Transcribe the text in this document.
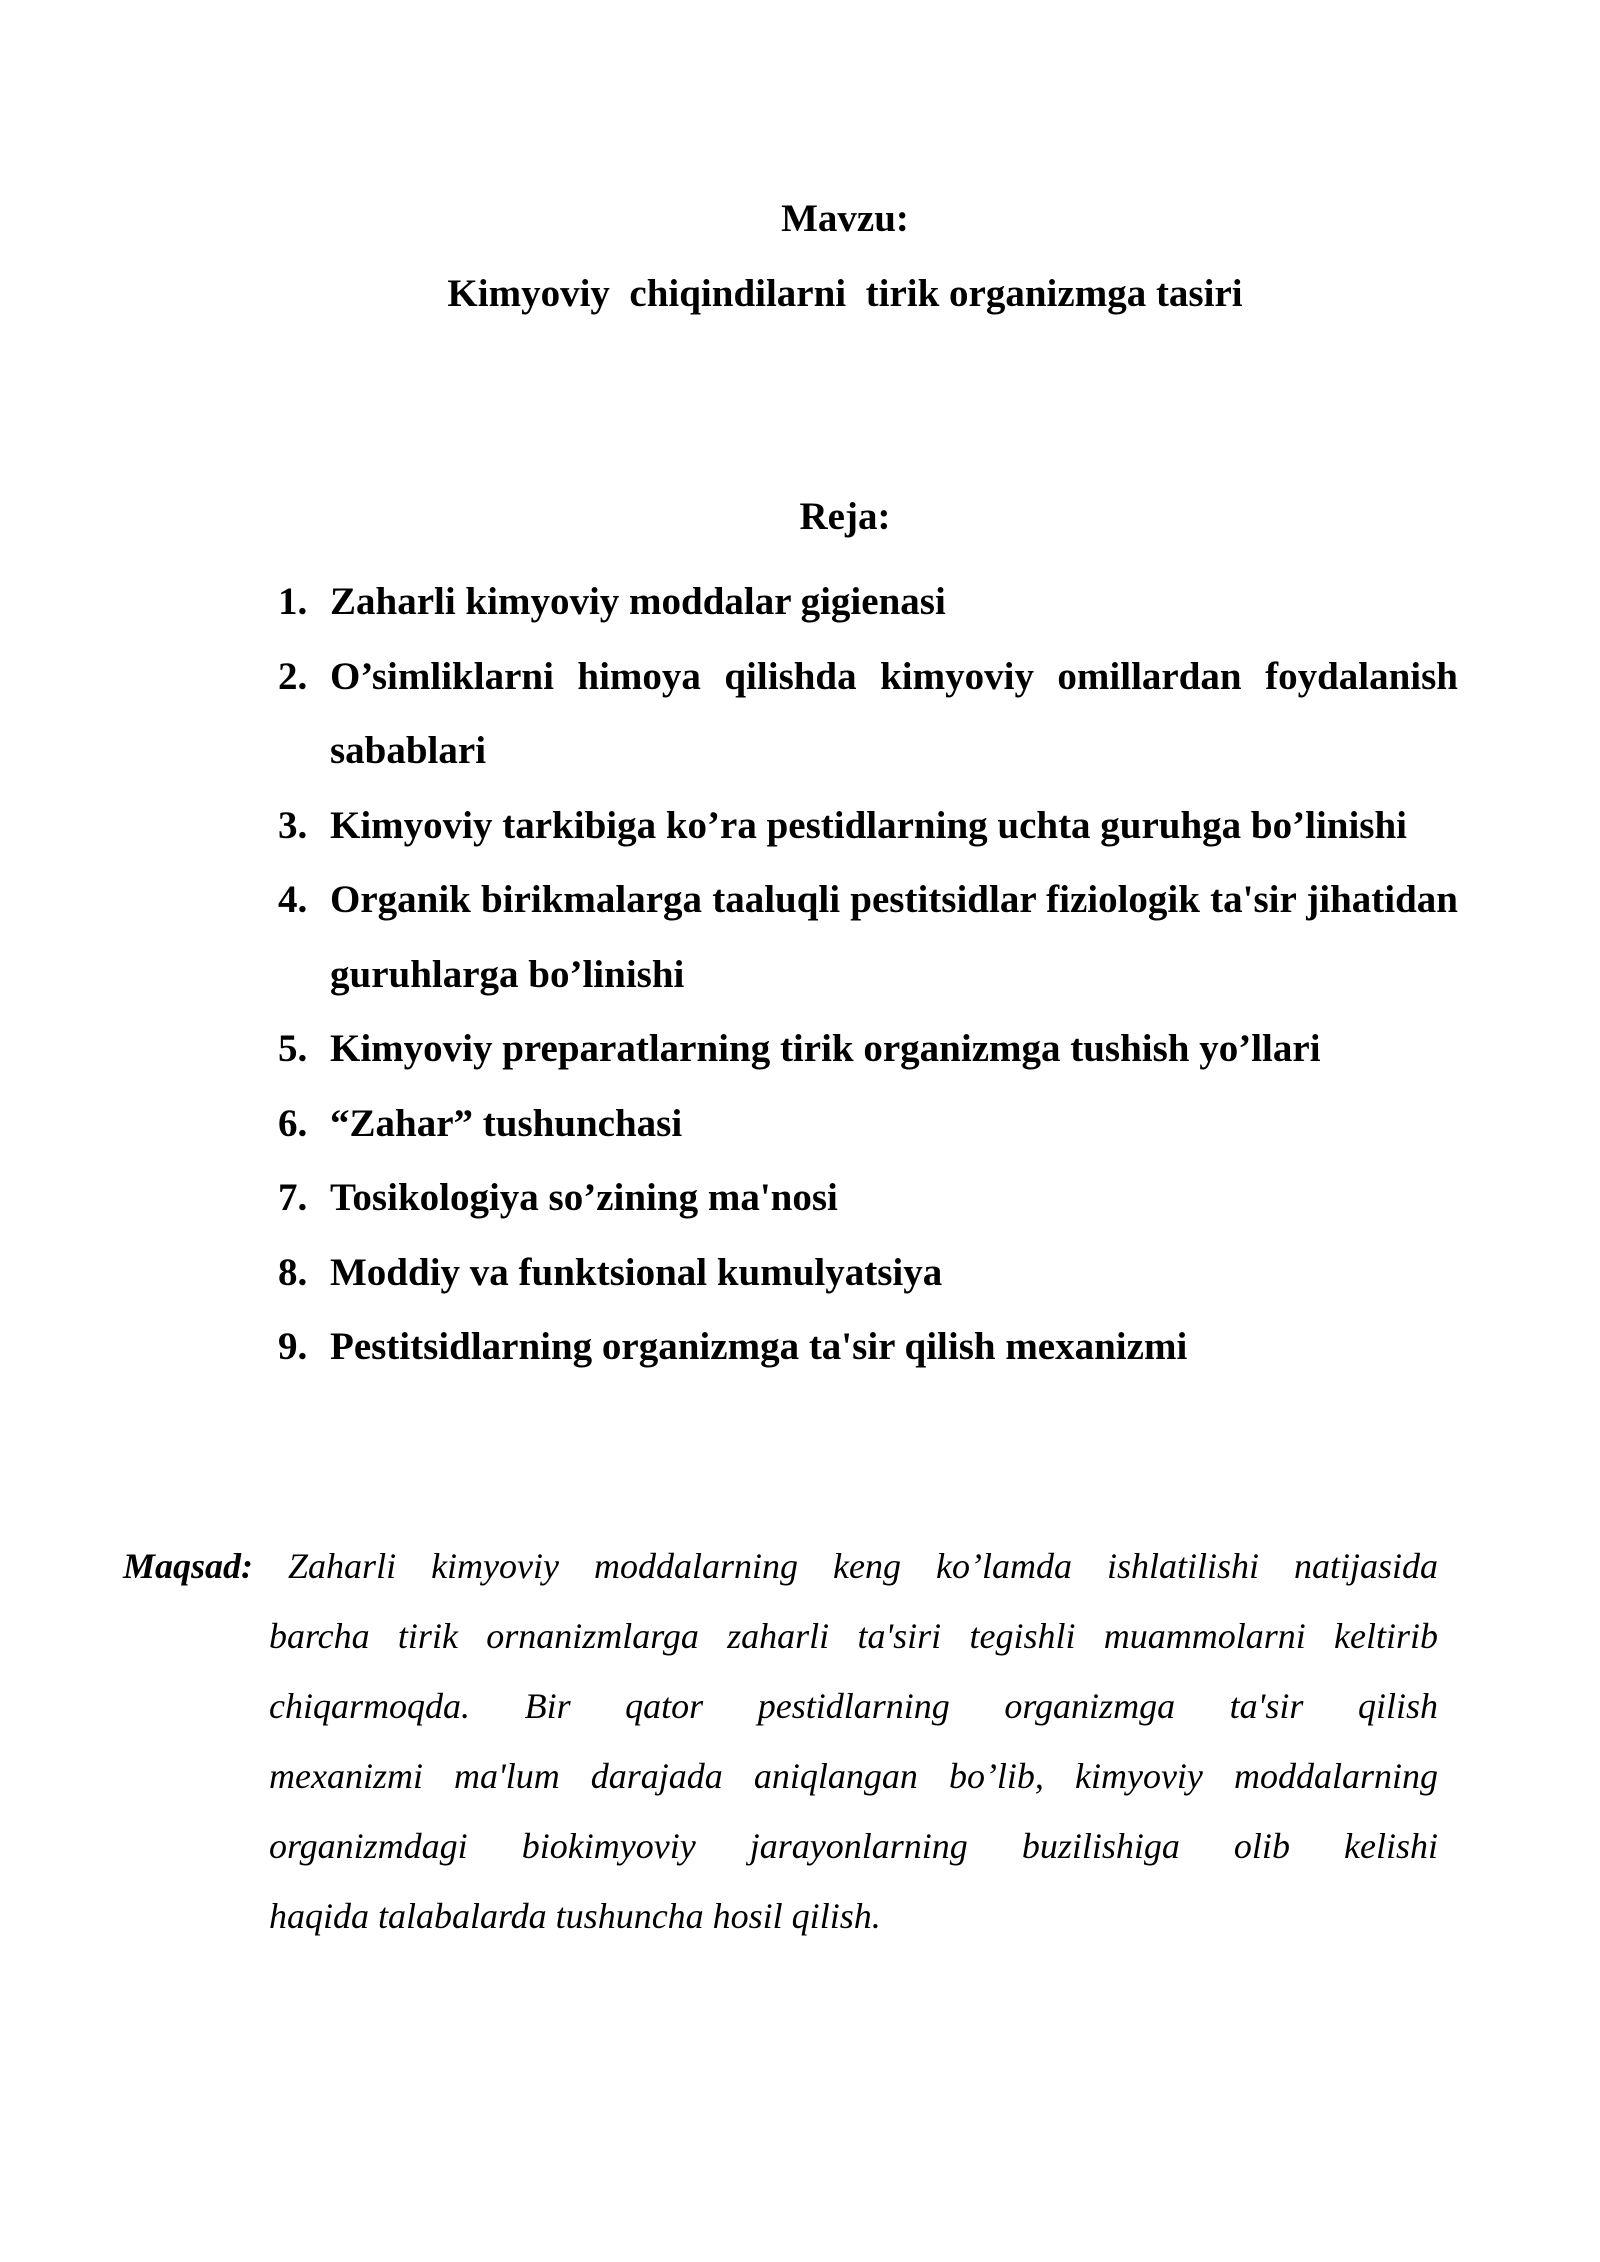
Mavzu:
Kimyoviy  chiqindilarni  tirik organizmga tasiri
Reja:
1. Zaharli kimyoviy moddalar gigienasi
2. O’simliklarni himoya qilishda kimyoviy omillardan foydalanish sabablari
3. Kimyoviy tarkibiga ko’ra pestidlarning uchta guruhga bo’linishi
4. Organik birikmalarga taaluqli pestitsidlar fiziologik ta'sir jihatidan guruhlarga bo’linishi
5. Kimyoviy preparatlarning tirik organizmga tushish yo’llari
6. “Zahar” tushunchasi
7. Tosikologiya so’zining ma'nosi
8. Moddiy va funktsional kumulyatsiya
9. Pestitsidlarning organizmga ta'sir qilish mexanizmi
Maqsad: Zaharli kimyoviy moddalarning keng ko’lamda ishlatilishi natijasida
barcha tirik ornanizmlarga zaharli ta'siri tegishli muammolarni keltirib
chiqarmoqda. Bir qator pestidlarning organizmga ta'sir qilish
mexanizmi ma'lum darajada aniqlangan bo’lib, kimyoviy moddalarning
organizmdagi biokimyoviy jarayonlarning buzilishiga olib kelishi
haqida talabalarda tushuncha hosil qilish.
